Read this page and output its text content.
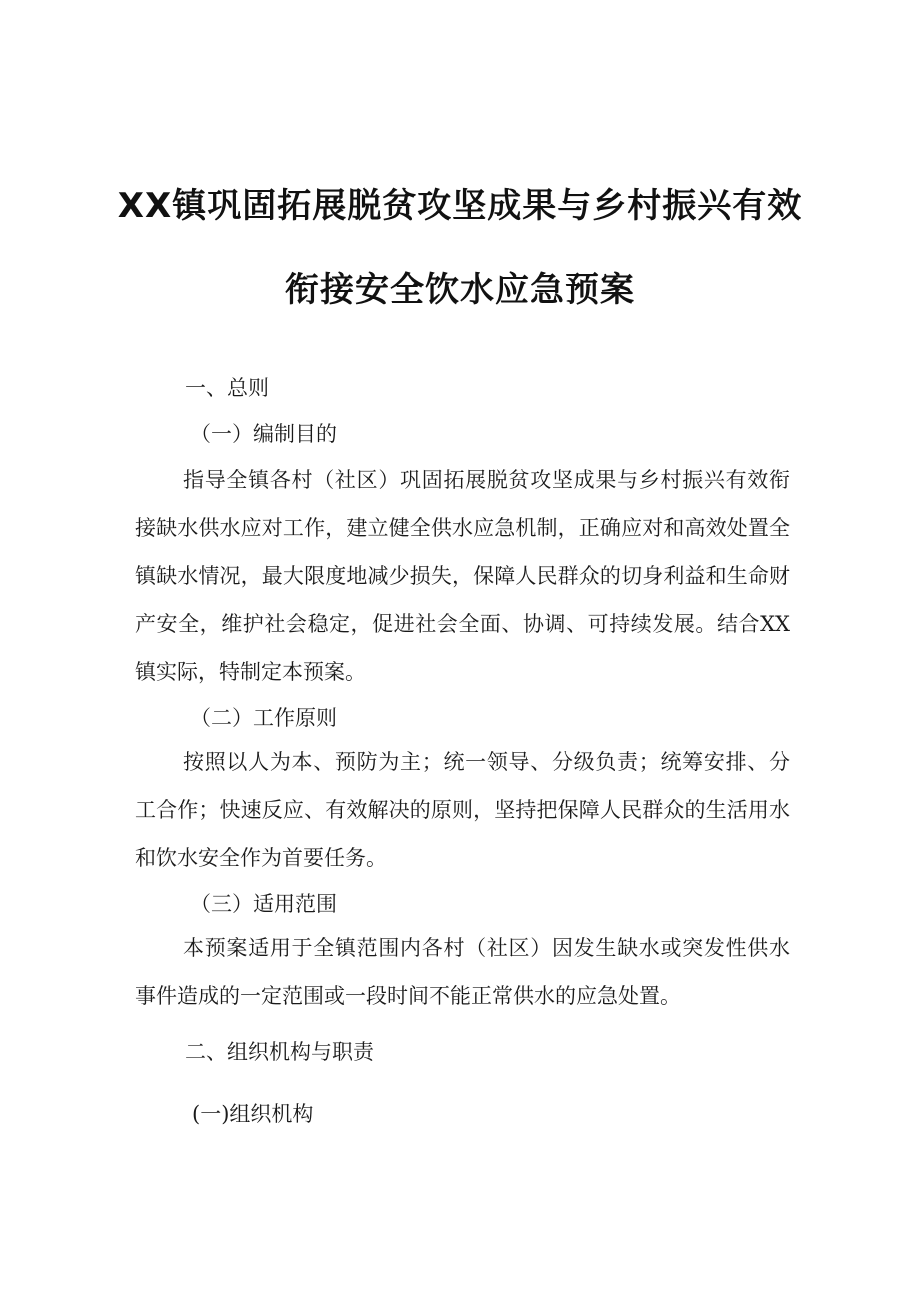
XX镇巩固拓展脱贫攻坚成果与乡村振兴有效
衔接安全饮水应急预案
一、总则
（一）编制目的
指导全镇各村（社区）巩固拓展脱贫攻坚成果与乡村振兴有效衔接缺水供水应对工作，建立健全供水应急机制，正确应对和高效处置全镇缺水情况，最大限度地减少损失，保障人民群众的切身利益和生命财产安全，维护社会稳定，促进社会全面、协调、可持续发展。结合XX镇实际，特制定本预案。
（二）工作原则
按照以人为本、预防为主；统一领导、分级负责；统筹安排、分工合作；快速反应、有效解决的原则，坚持把保障人民群众的生活用水和饮水安全作为首要任务。
（三）适用范围
本预案适用于全镇范围内各村（社区）因发生缺水或突发性供水事件造成的一定范围或一段时间不能正常供水的应急处置。
二、组织机构与职责
(一)组织机构
